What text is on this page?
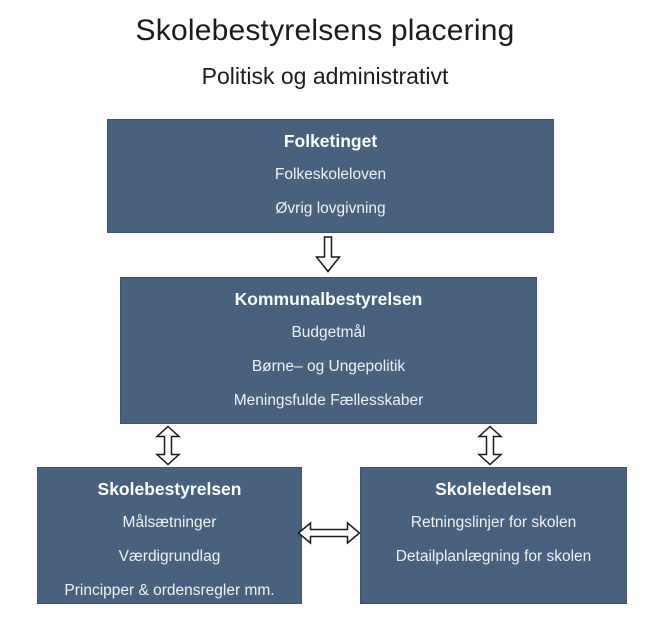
Skolebestyrelsens placering
Politisk og administrativt
Folketinget
Folkeskoleloven
Øvrig lovgivning
Kommunalbestyrelsen
Budgetmål
Børne– og Ungepolitik
Meningsfulde Fællesskaber
Skolebestyrelsen
Målsætninger
Værdigrundlag
Principper & ordensregler mm.
Skoleledelsen
Retningslinjer for skolen
Detailplanlægning for skolen
